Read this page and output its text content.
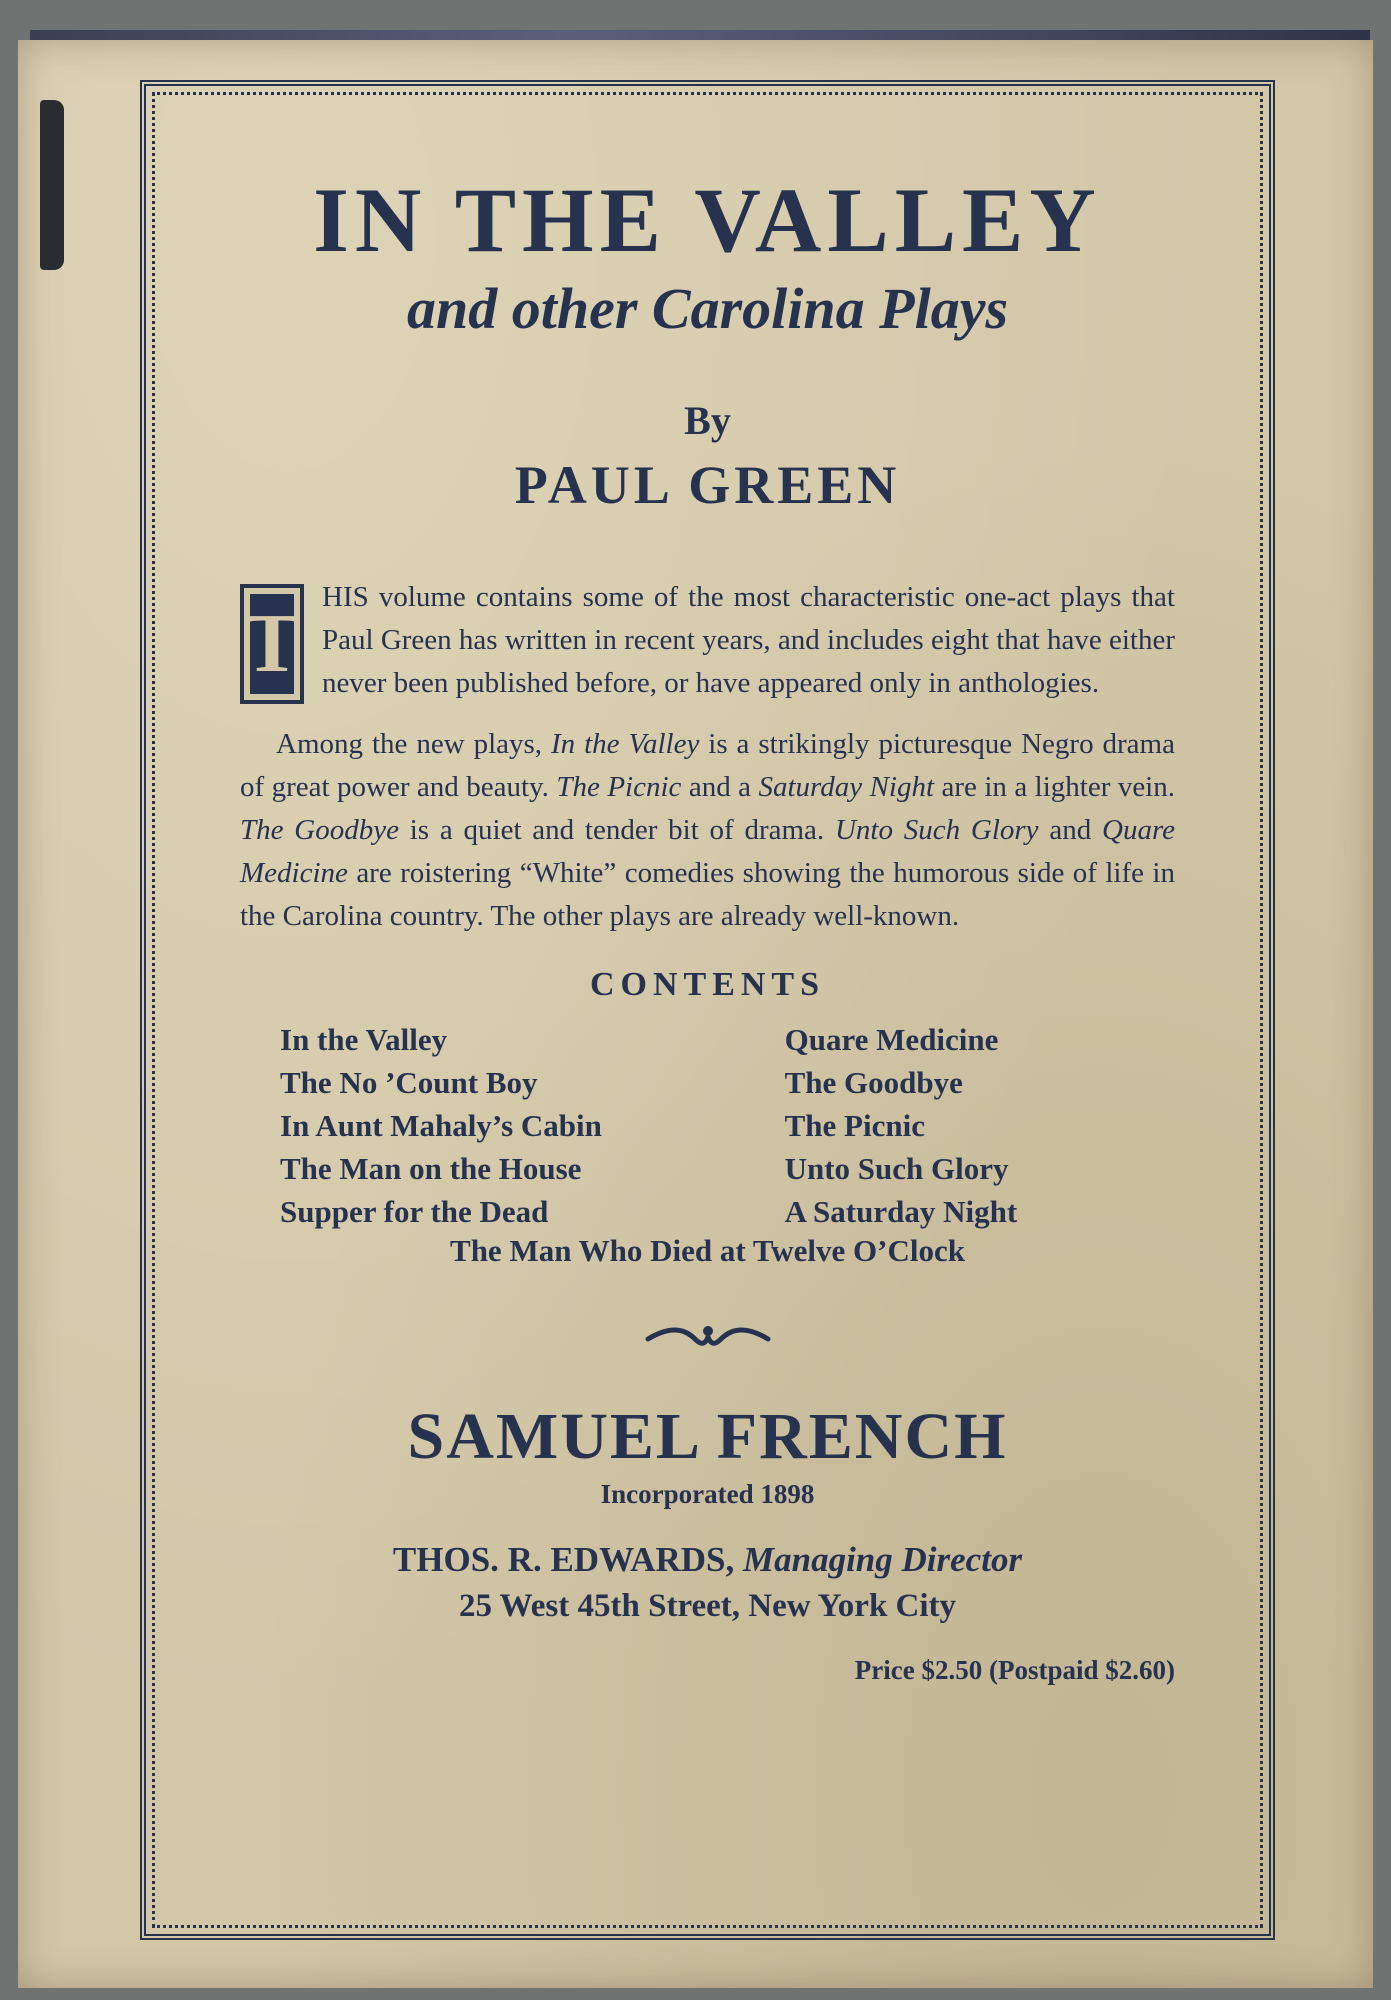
IN THE VALLEY
and other Carolina Plays
By
PAUL GREEN
T HIS volume contains some of the most characteristic one-act plays that Paul Green has written in recent years, and includes eight that have either never been published before, or have appeared only in anthologies.
Among the new plays, In the Valley is a strikingly picturesque Negro drama of great power and beauty. The Picnic and a Saturday Night are in a lighter vein. The Goodbye is a quiet and tender bit of drama. Unto Such Glory and Quare Medicine are roistering “White” comedies showing the humorous side of life in the Carolina country. The other plays are already well-known.
CONTENTS
In the Valley
The No ’Count Boy
In Aunt Mahaly’s Cabin
The Man on the House
Supper for the Dead
Quare Medicine
The Goodbye
The Picnic
Unto Such Glory
A Saturday Night
The Man Who Died at Twelve O’Clock
SAMUEL FRENCH
Incorporated 1898
THOS. R. EDWARDS, Managing Director
25 West 45th Street, New York City
Price $2.50 (Postpaid $2.60)
